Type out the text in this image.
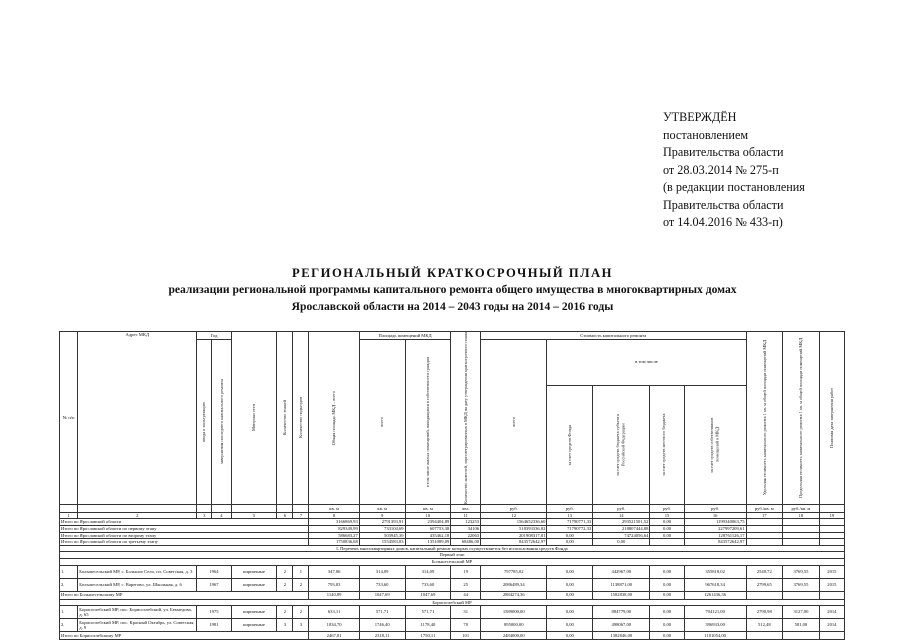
УТВЕРЖДЁН
постановлением
Правительства области
от 28.03.2014 № 275-п
(в редакции постановления
Правительства области
от 14.04.2016 № 433-п)
РЕГИОНАЛЬНЫЙ КРАТКОСРОЧНЫЙ ПЛАН
реализации региональной программы капитального ремонта общего имущества в многоквартирных домах
Ярославской области на 2014 – 2043 годы на 2014 – 2016 годы
№ п/п	Адрес МКД	Год		Материал стен	Количество этажей	Количество подъездов	Общая площадь МКД – всего	Площадь помещений МКД		Количество жителей, зарегистрированных в МКД на дату утверждения краткосрочного плана	Стоимость капитального ремонта					Удельная стоимость капитального ремонта 1 кв. м общей площади помещений МКД	Предельная стоимость капитального ремонта 1 кв. м общей площади помещений МКД	Плановая дата завершения работ

		ввода в эксплуатацию	завершения последнего капитального ремонта					всего	в том числе жилых помещений, находящихся в собственности граждан		всего	в том числе						

												за счет средств Фонда	за счет средств бюджета субъекта Российской Федерации	за счет средств местного бюджета	за счет средств собственников помещений в МКД			

							кв. м	кв. м	кв. м	чел.	руб.	руб.	руб.	руб.	руб.	руб./кв. м	руб./кв. м	
1	2	3	4	5	6	7	8	9	10	11	12	13	14	15	16	17	18	19
Итого по Ярославской области							3166869,93	2791393,91	2394404,89	123253	1564652336,60	71790771,33	293521501,52	0,00	1199340063,75			
Итого по Ярославской области по первому этапу							829349,99	733104,69	607753,38	34106	518393336,82	71790772,33	218807444,88	0,00	227997209,61			
Итого по Ярославской области по второму этапу							586683,27	503945,39	435462,18	22063	201908317,81	0,00	74724056,64	0,00	128761126,17			
Итого по Ярославской области по третьему этапу							1750836,68	1554583,83	1351089,09	68486,00	843572642,97	0,00	0,00		843572642,97			
I. Перечень многоквартирных домов, капитальный ремонт которых осуществляется без использования средств Фонда																		
Первый этап																		
Большесельский МР																		
1.	Большесельский МР, с. Большое Село, пл. Советская, д. 3	1964		кирпичные	2	1	347,06	314,09	314,09	19	797785,02	0,00	442967,00	0,00	355818,02	2540,72	3769,55	2015
2.	Большесельский МР, с. Варегово, ул. Школьная, д. 6	1967		кирпичные	2	2	793,83	733,60	733,60	25	2086489,34	0,00	1138871,00	0,00	967618,34	2799,65	3769,55	2015
Итого по Большесельскому МР							1140,89	1047,69	1047,69	44	2884274,36	0,00	1582838,00	0,00	1261436,36			
Борисоглебский МР																		
1.	Борисоглебский МР, пос. Борисоглебский, ул. Бекмедова, д. 65	1975		кирпичные	2	2	633,11	571,71	571,71	31	1589000,00	0,00	884779,00	0,00	704121,00	2790,98	3127,00	2014
2.	Борисоглебский МР, пос. Красный Октябрь, ул. Советская, д. 9	1981		кирпичные	3	3	1834,70	1746,40	1178,40	70	895000,00	0,00	498067,00	0,00	396933,00	512,48	581,00	2014
Итого по Борисоглебскому МР							2467,81	2318,11	1750,11	101	2484000,00	0,00	1382846,00	0,00	1101054,00			
